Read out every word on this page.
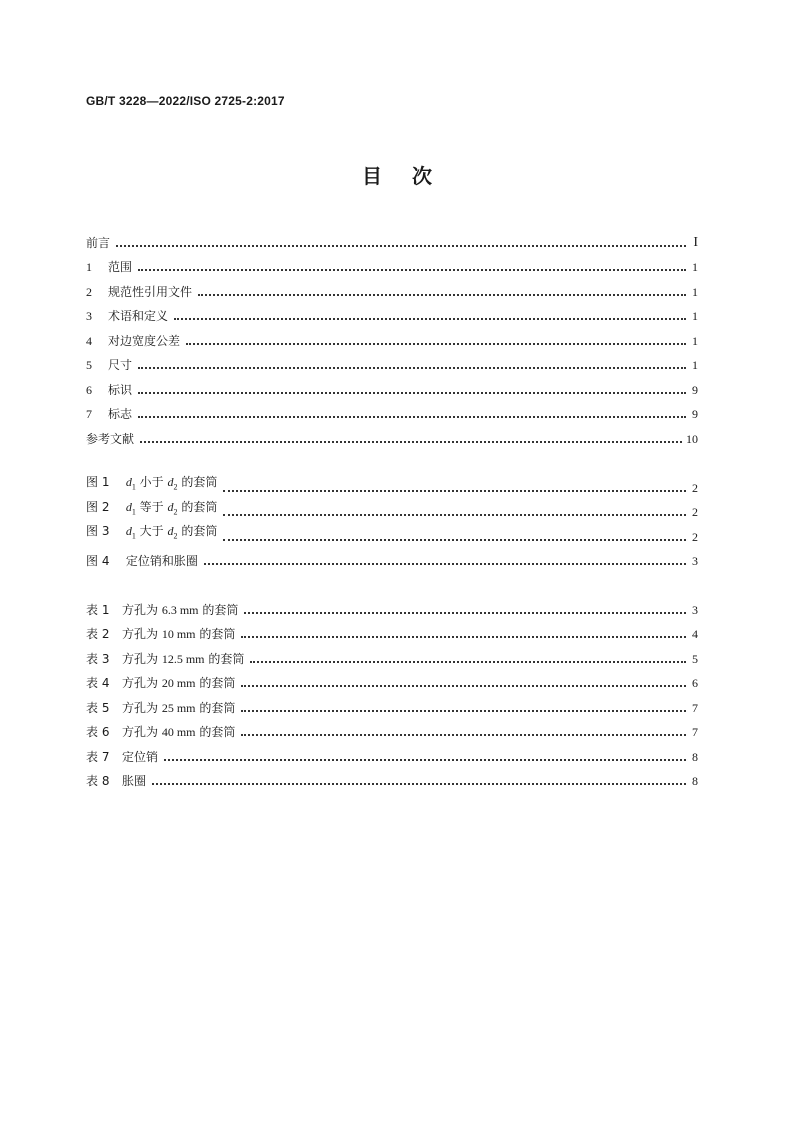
GB/T 3228—2022/ISO 2725-2:2017
目次
前言	I
1 范围	1
2 规范性引用文件	1
3 术语和定义	1
4 对边宽度公差	1
5 尺寸	1
6 标识	9
7 标志	9
参考文献	10
图 1 $d_1$ 小于 $d_2$ 的套筒	2
图 2 $d_1$ 等于 $d_2$ 的套筒	2
图 3 $d_1$ 大于 $d_2$ 的套筒	2
图 4 定位销和胀圈	3
表 1 方孔为 6.3 mm 的套筒	3
表 2 方孔为 10 mm 的套筒	4
表 3 方孔为 12.5 mm 的套筒	5
表 4 方孔为 20 mm 的套筒	6
表 5 方孔为 25 mm 的套筒	7
表 6 方孔为 40 mm 的套筒	7
表 7 定位销	8
表 8 胀圈	8
